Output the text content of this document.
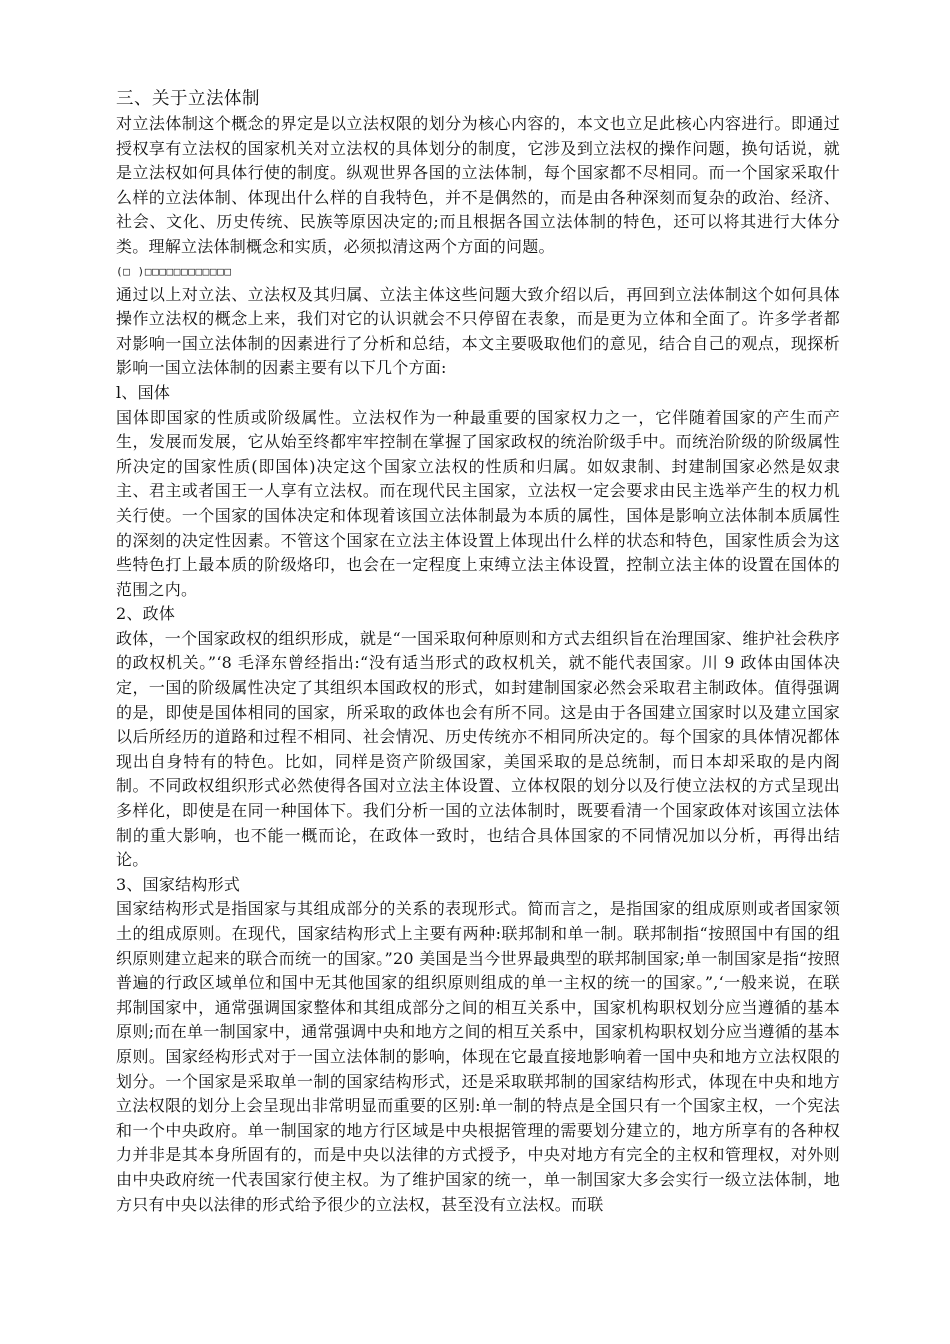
三、关于立法体制

对立法体制这个概念的界定是以立法权限的划分为核心内容的，本文也立足此核心内容进行。即通过授权享有立法权的国家机关对立法权的具体划分的制度，它涉及到立法权的操作问题，换句话说，就是立法权如何具体行使的制度。纵观世界各国的立法体制，每个国家都不尽相同。而一个国家采取什么样的立法体制、体现出什么样的自我特色，并不是偶然的，而是由各种深刻而复杂的政治、经济、社会、文化、历史传统、民族等原因决定的;而且根据各国立法体制的特色，还可以将其进行大体分类。理解立法体制概念和实质，必须拟清这两个方面的问题。

(□ )□□□□□□□□□□□□

通过以上对立法、立法权及其归属、立法主体这些问题大致介绍以后，再回到立法体制这个如何具体操作立法权的概念上来，我们对它的认识就会不只停留在表象，而是更为立体和全面了。许多学者都对影响一国立法体制的因素进行了分析和总结，本文主要吸取他们的意见，结合自己的观点，现探析影响一国立法体制的因素主要有以下几个方面:

l、国体

国体即国家的性质或阶级属性。立法权作为一种最重要的国家权力之一，它伴随着国家的产生而产生，发展而发展，它从始至终都牢牢控制在掌握了国家政权的统治阶级手中。而统治阶级的阶级属性所决定的国家性质(即国体)决定这个国家立法权的性质和归属。如奴隶制、封建制国家必然是奴隶主、君主或者国王一人享有立法权。而在现代民主国家，立法权一定会要求由民主选举产生的权力机关行使。一个国家的国体决定和体现着该国立法体制最为本质的属性，国体是影响立法体制本质属性的深刻的决定性因素。不管这个国家在立法主体设置上体现出什么样的状态和特色，国家性质会为这些特色打上最本质的阶级烙印，也会在一定程度上束缚立法主体设置，控制立法主体的设置在国体的范围之内。

2、政体

政体，一个国家政权的组织形成，就是“一国采取何种原则和方式去组织旨在治理国家、维护社会秩序的政权机关。”‘8 毛泽东曾经指出:“没有适当形式的政权机关，就不能代表国家。川 9 政体由国体决定，一国的阶级属性决定了其组织本国政权的形式，如封建制国家必然会采取君主制政体。值得强调的是，即使是国体相同的国家，所采取的政体也会有所不同。这是由于各国建立国家时以及建立国家以后所经历的道路和过程不相同、社会情况、历史传统亦不相同所决定的。每个国家的具体情况都体现出自身特有的特色。比如，同样是资产阶级国家，美国采取的是总统制，而日本却采取的是内阁制。不同政权组织形式必然使得各国对立法主体设置、立体权限的划分以及行使立法权的方式呈现出多样化，即使是在同一种国体下。我们分析一国的立法体制时，既要看清一个国家政体对该国立法体制的重大影响，也不能一概而论，在政体一致时，也结合具体国家的不同情况加以分析，再得出结论。

3、国家结构形式

国家结构形式是指国家与其组成部分的关系的表现形式。简而言之，是指国家的组成原则或者国家领土的组成原则。在现代，国家结构形式上主要有两种:联邦制和单一制。联邦制指“按照国中有国的组织原则建立起来的联合而统一的国家。”20 美国是当今世界最典型的联邦制国家;单一制国家是指“按照普遍的行政区域单位和国中无其他国家的组织原则组成的单一主权的统一的国家。”,‘一般来说，在联邦制国家中，通常强调国家整体和其组成部分之间的相互关系中，国家机构职权划分应当遵循的基本原则;而在单一制国家中，通常强调中央和地方之间的相互关系中，国家机构职权划分应当遵循的基本原则。国家经构形式对于一国立法体制的影响，体现在它最直接地影响着一国中央和地方立法权限的划分。一个国家是采取单一制的国家结构形式，还是采取联邦制的国家结构形式，体现在中央和地方立法权限的划分上会呈现出非常明显而重要的区别:单一制的特点是全国只有一个国家主权，一个宪法和一个中央政府。单一制国家的地方行区域是中央根据管理的需要划分建立的，地方所享有的各种权力并非是其本身所固有的，而是中央以法律的方式授予，中央对地方有完全的主权和管理权，对外则由中央政府统一代表国家行使主权。为了维护国家的统一，单一制国家大多会实行一级立法体制，地方只有中央以法律的形式给予很少的立法权，甚至没有立法权。而联
